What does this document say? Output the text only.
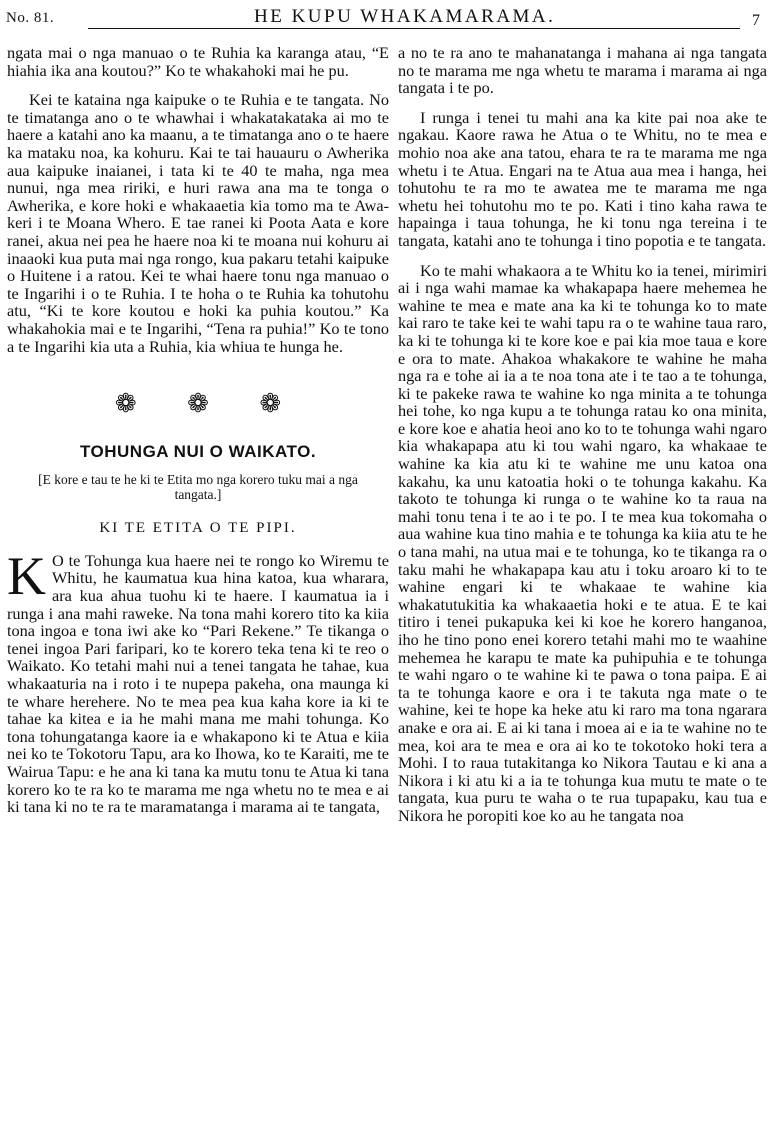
No. 81.	HE KUPU WHAKAMARAMA.	7

ngata mai o nga manuao o te Ruhia ka karanga atau, “E hiahia ika ana koutou?” Ko te whakahoki mai he pu.

Kei te kataina nga kaipuke o te Ruhia e te tangata. No te timatanga ano o te whawhai i whakatakataka ai mo te haere a katahi ano ka maanu, a te timatanga ano o te haere ka mataku noa, ka kohuru. Kai te tai hauauru o Awherika aua kaipuke inaianei, i tata ki te 40 te maha, nga mea nunui, nga mea ririki, e huri rawa ana ma te tonga o Awherika, e kore hoki e whakaaetia kia tomo ma te Awa-keri i te Moana Whero. E tae ranei ki Poota Aata e kore ranei, akua nei pea he haere noa ki te moana nui kohuru ai inaaoki kua puta mai nga rongo, kua pakaru tetahi kaipuke o Huitene i a ratou. Kei te whai haere tonu nga manuao o te Ingarihi i o te Ruhia. I te hoha o te Ruhia ka tohutohu atu, “Ki te kore koutou e hoki ka puhia koutou.” Ka whakahokia mai e te Ingarihi, “Tena ra puhia!” Ko te tono a te Ingarihi kia uta a Ruhia, kia whiua te hunga he.

❁ ❁ ❁
TOHUNGA NUI O WAIKATO.
[E kore e tau te he ki te Etita mo nga korero tuku mai a nga tangata.]
KI TE ETITA O TE PIPI.
K O te Tohunga kua haere nei te rongo ko Wiremu te Whitu, he kaumatua kua hina katoa, kua wharara, ara kua ahua tuohu ki te haere. I kaumatua ia i runga i ana mahi raweke. Na tona mahi korero tito ka kiia tona ingoa e tona iwi ake ko “Pari Rekene.” Te tikanga o tenei ingoa Pari faripari, ko te korero teka tena ki te reo o Waikato. Ko tetahi mahi nui a tenei tangata he tahae, kua whakaaturia na i roto i te nupepa pakeha, ona maunga ki te whare herehere. No te mea pea kua kaha kore ia ki te tahae ka kitea e ia he mahi mana me mahi tohunga. Ko tona tohungatanga kaore ia e whakapono ki te Atua e kiia nei ko te Tokotoru Tapu, ara ko Ihowa, ko te Karaiti, me te Wairua Tapu: e he ana ki tana ka mutu tonu te Atua ki tana korero ko te ra ko te marama me nga whetu no te mea e ai ki tana ki no te ra te maramatanga i marama ai te tangata,

a no te ra ano te mahanatanga i mahana ai nga tangata no te marama me nga whetu te marama i marama ai nga tangata i te po.

I runga i tenei tu mahi ana ka kite pai noa ake te ngakau. Kaore rawa he Atua o te Whitu, no te mea e mohio noa ake ana tatou, ehara te ra te marama me nga whetu i te Atua. Engari na te Atua aua mea i hanga, hei tohutohu te ra mo te awatea me te marama me nga whetu hei tohutohu mo te po. Kati i tino kaha rawa te hapainga i taua tohunga, he ki tonu nga tereina i te tangata, katahi ano te tohunga i tino popotia e te tangata.

Ko te mahi whakaora a te Whitu ko ia tenei, mirimiri ai i nga wahi mamae ka whakapapa haere mehemea he wahine te mea e mate ana ka ki te tohunga ko to mate kai raro te take kei te wahi tapu ra o te wahine taua raro, ka ki te tohunga ki te kore koe e pai kia moe taua e kore e ora to mate. Ahakoa whakakore te wahine he maha nga ra e tohe ai ia a te noa tona ate i te tao a te tohunga, ki te pakeke rawa te wahine ko nga minita a te tohunga hei tohe, ko nga kupu a te tohunga ratau ko ona minita, e kore koe e ahatia heoi ano ko to te tohunga wahi ngaro kia whakapapa atu ki tou wahi ngaro, ka whakaae te wahine ka kia atu ki te wahine me unu katoa ona kakahu, ka unu katoatia hoki o te tohunga kakahu. Ka takoto te tohunga ki runga o te wahine ko ta raua na mahi tonu tena i te ao i te po. I te mea kua tokomaha o aua wahine kua tino mahia e te tohunga ka kiia atu te he o tana mahi, na utua mai e te tohunga, ko te tikanga ra o taku mahi he whakapapa kau atu i toku aroaro ki to te wahine engari ki te whakaae te wahine kia whakatutukitia ka whakaaetia hoki e te atua. E te kai titiro i tenei pukapuka kei ki koe he korero hanganoa, iho he tino pono enei korero tetahi mahi mo te waahine mehemea he karapu te mate ka puhipuhia e te tohunga te wahi ngaro o te wahine ki te pawa o tona paipa. E ai ta te tohunga kaore e ora i te takuta nga mate o te wahine, kei te hope ka heke atu ki raro ma tona ngarara anake e ora ai. E ai ki tana i moea ai e ia te wahine no te mea, koi ara te mea e ora ai ko te tokotoko hoki tera a Mohi. I to raua tutakitanga ko Nikora Tautau e ki ana a Nikora i ki atu ki a ia te tohunga kua mutu te mate o te tangata, kua puru te waha o te rua tupapaku, kau tua e Nikora he poropiti koe ko au he tangata noa
